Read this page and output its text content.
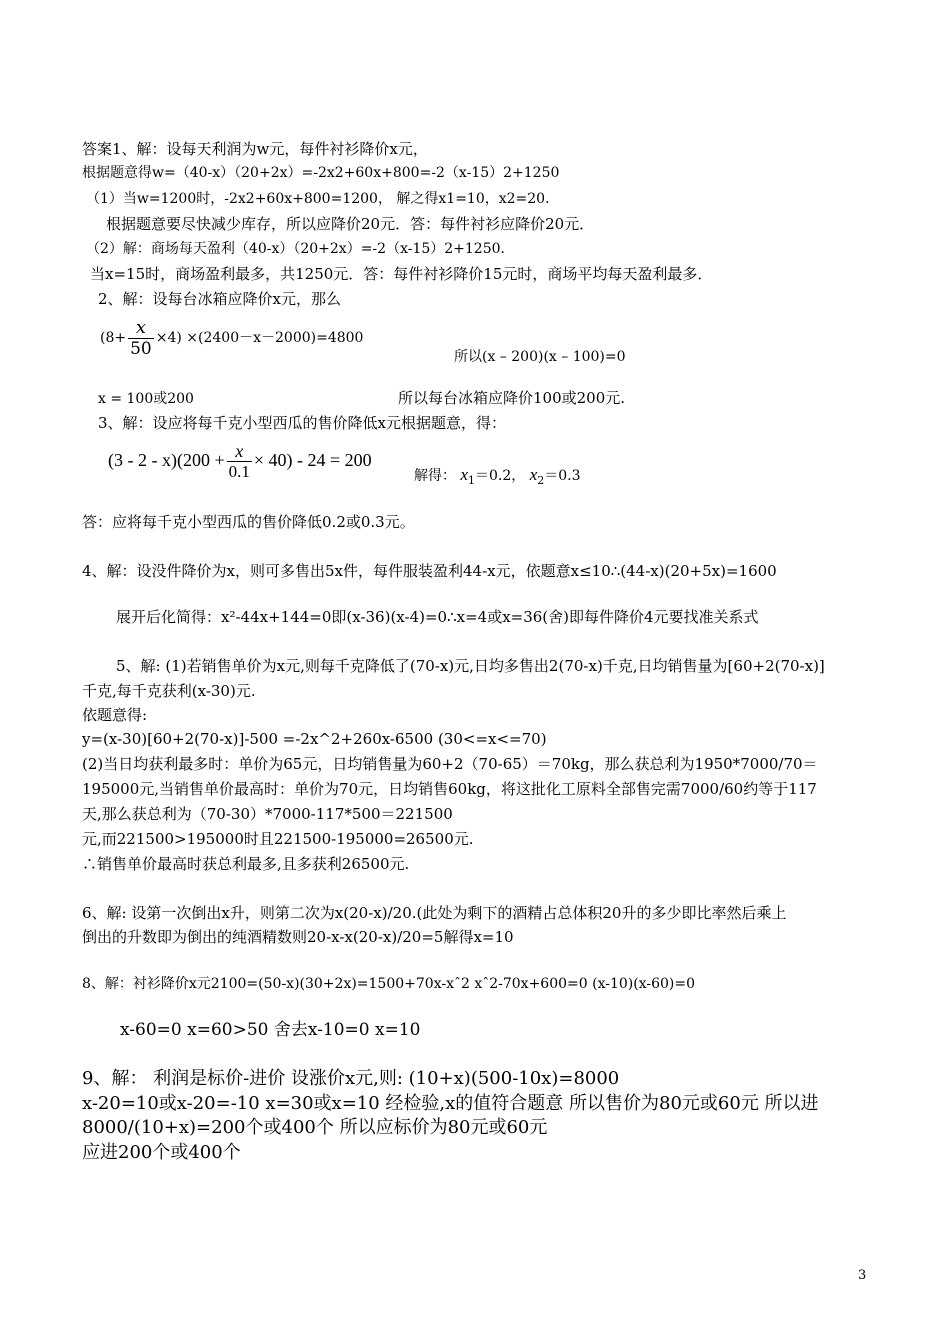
答案1、解：设每天利润为w元，每件衬衫降价x元，
根据题意得w=（40-x）（20+2x）=-2x2+60x+800=-2（x-15）2+1250
（1）当w=1200时，-2x2+60x+800=1200， 解之得x1=10，x2=20．
根据题意要尽快减少库存，所以应降价20元．答：每件衬衫应降价20元．
（2）解：商场每天盈利（40-x）（20+2x）=-2（x-15）2+1250．
当x=15时，商场盈利最多，共1250元．答：每件衬衫降价15元时，商场平均每天盈利最多．
2、解：设每台冰箱应降价x元，那么
$(8+ \frac{x}{50} \times 4) \times(2400-x-2000)=4800$
所以(x – 200)(x – 100)=0
x = 100或200	所以每台冰箱应降价100或200元.
3、解：设应将每千克小型西瓜的售价降低x元根据题意，得：
$(3 - 2 - x)(200 + \frac{x}{0.1} \times 40) - 24 = 200$
解得： $x_1=0.2$， $x_2=0.3$
答：应将每千克小型西瓜的售价降低0.2或0.3元。
4、解：设没件降价为x，则可多售出5x件，每件服装盈利44-x元，依题意x≤10∴(44-x)(20+5x)=1600
展开后化简得：x²-44x+144=0即(x-36)(x-4)=0∴x=4或x=36(舍)即每件降价4元要找准关系式
5、解: (1)若销售单价为x元,则每千克降低了(70-x)元,日均多售出2(70-x)千克,日均销售量为[60+2(70-x)]
千克,每千克获利(x-30)元.
依题意得:
y=(x-30)[60+2(70-x)]-500 =-2x^2+260x-6500 (30<=x<=70)
(2)当日均获利最多时：单价为65元，日均销售量为60+2（70-65）＝70kg，那么获总利为1950*7000/70＝
195000元,当销售单价最高时：单价为70元，日均销售60kg，将这批化工原料全部售完需7000/60约等于117
天,那么获总利为（70-30）*7000-117*500＝221500
元,而221500>195000时且221500-195000=26500元.
∴销售单价最高时获总利最多,且多获利26500元.
6、解: 设第一次倒出x升，则第二次为x(20-x)/20.(此处为剩下的酒精占总体积20升的多少即比率然后乘上
倒出的升数即为倒出的纯酒精数则20-x-x(20-x)/20=5解得x=10
8、解：衬衫降价x元2100=(50-x)(30+2x)=1500+70x-xˆ2 xˆ2-70x+600=0 (x-10)(x-60)=0
x-60=0 x=60>50 舍去x-10=0 x=10
9、解： 利润是标价-进价 设涨价x元,则: (10+x)(500-10x)=8000
x-20=10或x-20=-10 x=30或x=10 经检验,x的值符合题意 所以售价为80元或60元 所以进
8000/(10+x)=200个或400个 所以应标价为80元或60元
应进200个或400个
3
